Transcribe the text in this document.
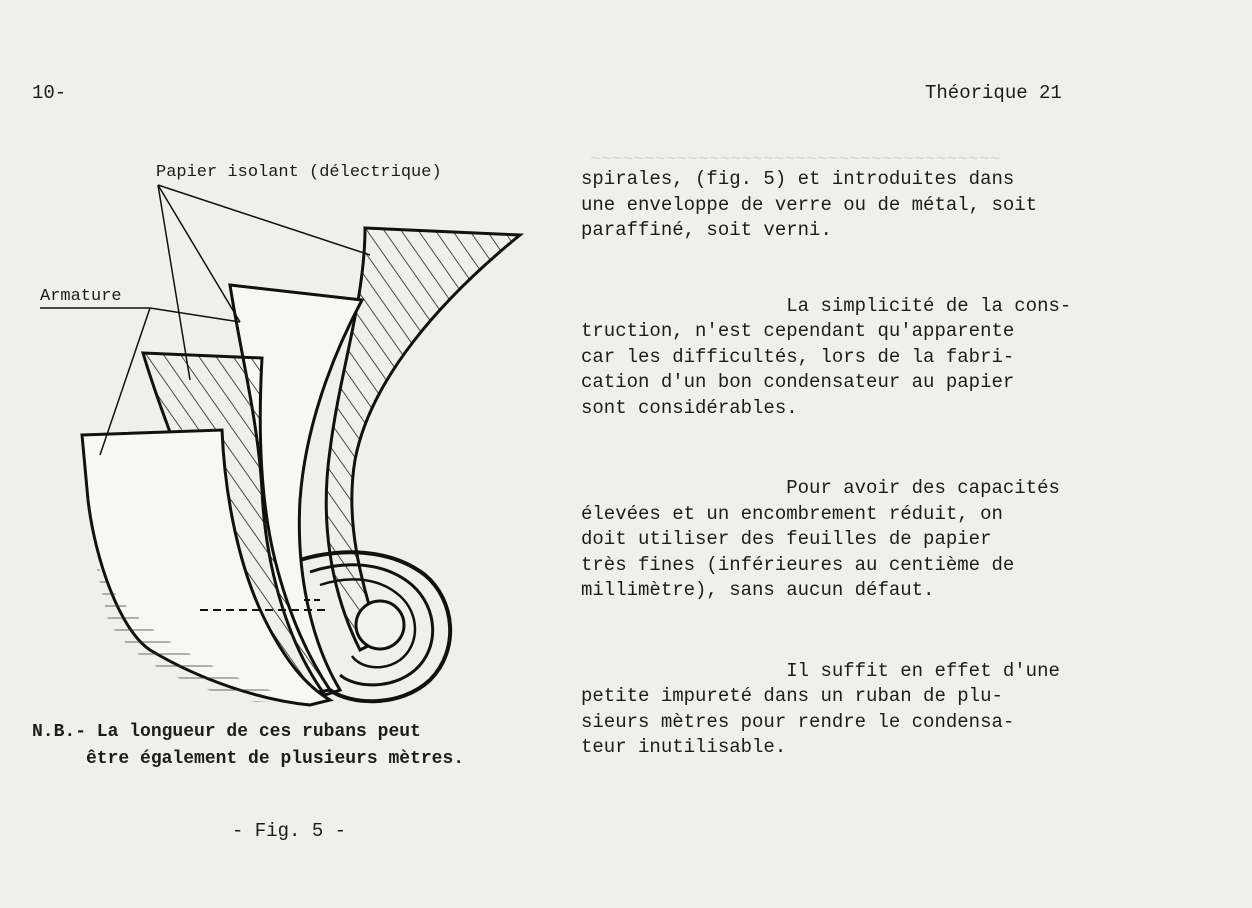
~~~~~~~~~~~~~~~~~~~~~~~~~~~~~~~~~~~~~~
10-	Théorique 21
Papier isolant (délectrique)
Armature

spirales, (fig. 5) et introduites dans
une enveloppe de verre ou de métal, soit
paraffiné, soit verni.

La simplicité de la cons-
truction, n'est cependant qu'apparente
car les difficultés, lors de la fabri-
cation d'un bon condensateur au papier
sont considérables.

Pour avoir des capacités
élevées et un encombrement réduit, on
doit utiliser des feuilles de papier
très fines (inférieures au centième de
millimètre), sans aucun défaut.

Il suffit en effet d'une
petite impureté dans un ruban de plu-
sieurs mètres pour rendre le condensa-
teur inutilisable.

N.B.- La longueur de ces rubans peut
être également de plusieurs mètres.
- Fig. 5 -
